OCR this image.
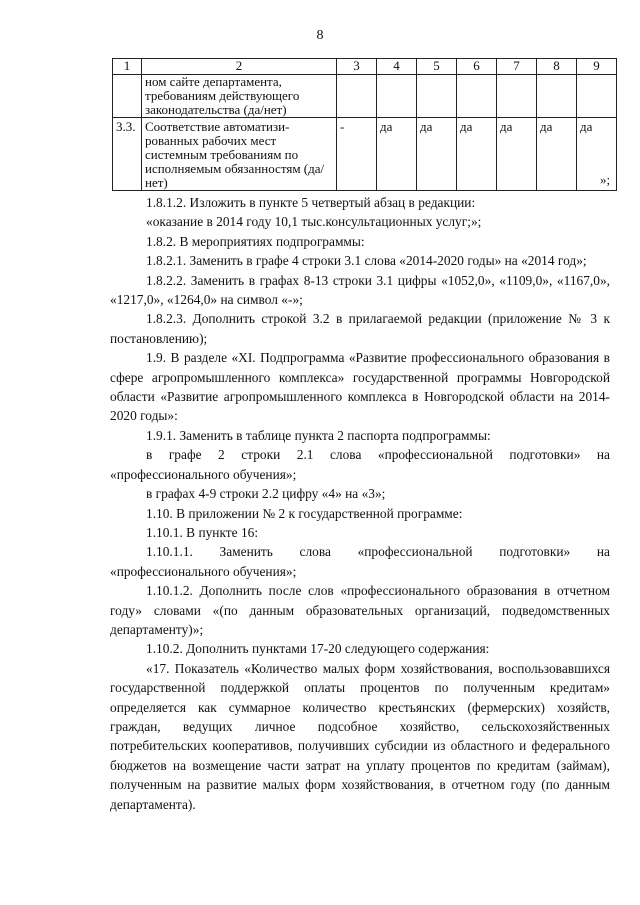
8
1	2	3	4	5	6	7	8	9
	ном сайте департамента, требованиям действующего законодательства (да/нет)							
3.3.	Соответствие автоматизи-рованных рабочих мест системным требованиям по исполняемым обязанностям (да/нет)	-	да	да	да	да	да	да
»;

1.8.1.2. Изложить в пункте 5 четвертый абзац в редакции:

«оказание в 2014 году 10,1 тыс.консультационных услуг;»;

1.8.2. В мероприятиях подпрограммы:

1.8.2.1. Заменить в графе 4 строки 3.1 слова «2014-2020 годы» на «2014 год»;

1.8.2.2. Заменить в графах 8-13 строки 3.1 цифры «1052,0», «1109,0», «1167,0», «1217,0», «1264,0» на символ «-»;

1.8.2.3. Дополнить строкой 3.2 в прилагаемой редакции (приложение № 3 к постановлению);

1.9. В разделе «XI. Подпрограмма «Развитие профессионального образования в сфере агропромышленного комплекса» государственной программы Новгородской области «Развитие агропромышленного комплекса в Новгородской области на 2014-2020 годы»:

1.9.1. Заменить в таблице пункта 2 паспорта подпрограммы:

в графе 2 строки 2.1 слова «профессиональной подготовки» на «профессионального обучения»;

в графах 4-9 строки 2.2 цифру «4» на «3»;

1.10. В приложении № 2 к государственной программе:

1.10.1. В пункте 16:

1.10.1.1. Заменить слова «профессиональной подготовки» на «профессионального обучения»;

1.10.1.2. Дополнить после слов «профессионального образования в отчетном году» словами «(по данным образовательных организаций, подведомственных департаменту)»;

1.10.2. Дополнить пунктами 17-20 следующего содержания:

«17. Показатель «Количество малых форм хозяйствования, воспользовавшихся государственной поддержкой оплаты процентов по полученным кредитам» определяется как суммарное количество крестьянских (фермерских) хозяйств, граждан, ведущих личное подсобное хозяйство, сельскохозяйственных потребительских кооперативов, получивших субсидии из областного и федерального бюджетов на возмещение части затрат на уплату процентов по кредитам (займам), полученным на развитие малых форм хозяйствования, в отчетном году (по данным департамента).
